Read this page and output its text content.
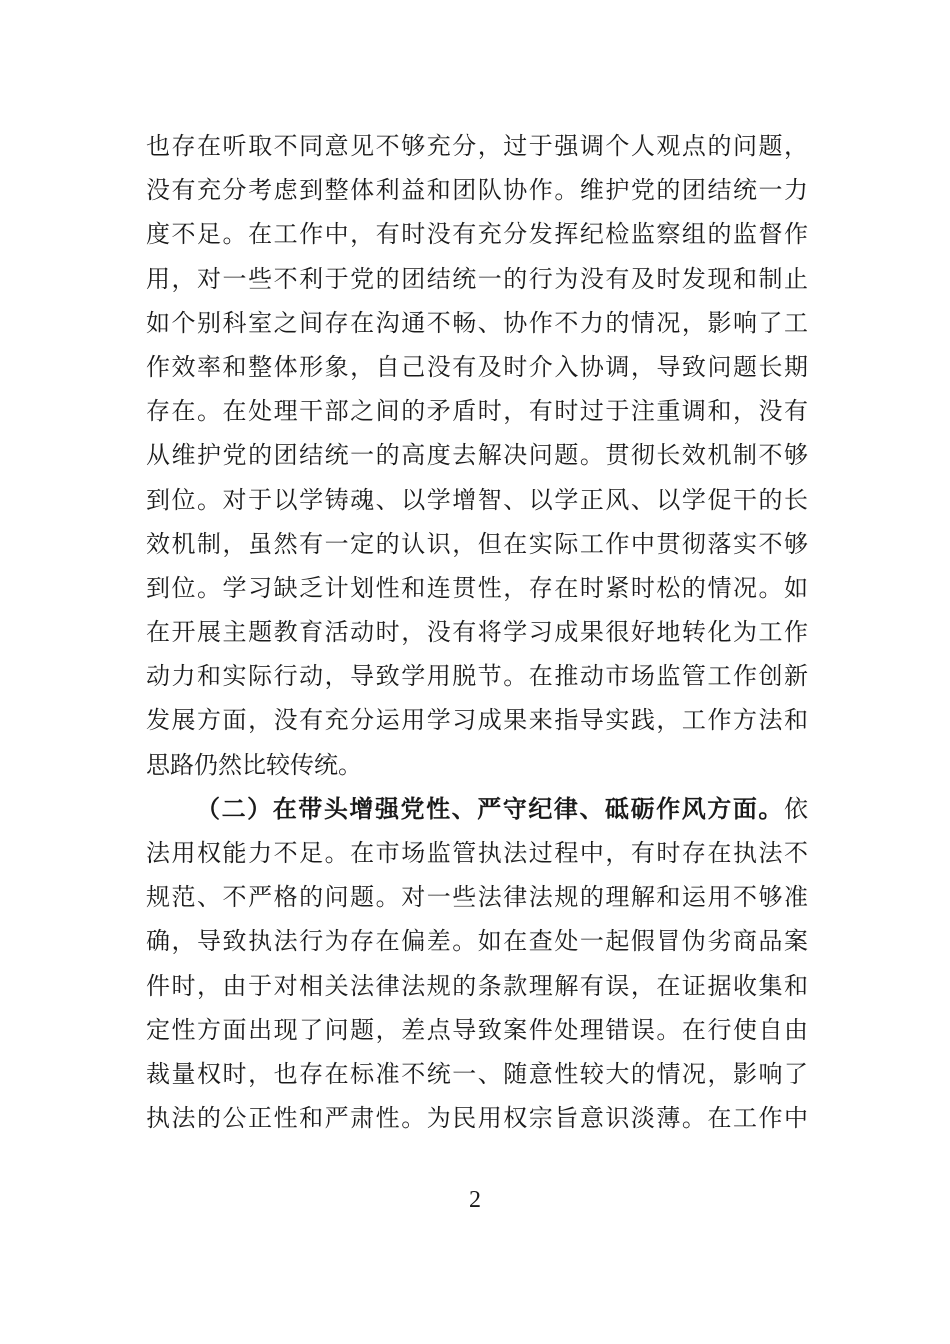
也存在听取不同意见不够充分，过于强调个人观点的问题，
没有充分考虑到整体利益和团队协作。维护党的团结统一力
度不足。在工作中，有时没有充分发挥纪检监察组的监督作
用，对一些不利于党的团结统一的行为没有及时发现和制止
如个别科室之间存在沟通不畅、协作不力的情况，影响了工
作效率和整体形象，自己没有及时介入协调，导致问题长期
存在。在处理干部之间的矛盾时，有时过于注重调和，没有
从维护党的团结统一的高度去解决问题。贯彻长效机制不够
到位。对于以学铸魂、以学增智、以学正风、以学促干的长
效机制，虽然有一定的认识，但在实际工作中贯彻落实不够
到位。学习缺乏计划性和连贯性，存在时紧时松的情况。如
在开展主题教育活动时，没有将学习成果很好地转化为工作
动力和实际行动，导致学用脱节。在推动市场监管工作创新
发展方面，没有充分运用学习成果来指导实践，工作方法和
思路仍然比较传统。
（二）在带头增强党性、严守纪律、砥砺作风方面。依
法用权能力不足。在市场监管执法过程中，有时存在执法不
规范、不严格的问题。对一些法律法规的理解和运用不够准
确，导致执法行为存在偏差。如在查处一起假冒伪劣商品案
件时，由于对相关法律法规的条款理解有误，在证据收集和
定性方面出现了问题，差点导致案件处理错误。在行使自由
裁量权时，也存在标准不统一、随意性较大的情况，影响了
执法的公正性和严肃性。为民用权宗旨意识淡薄。在工作中
2
